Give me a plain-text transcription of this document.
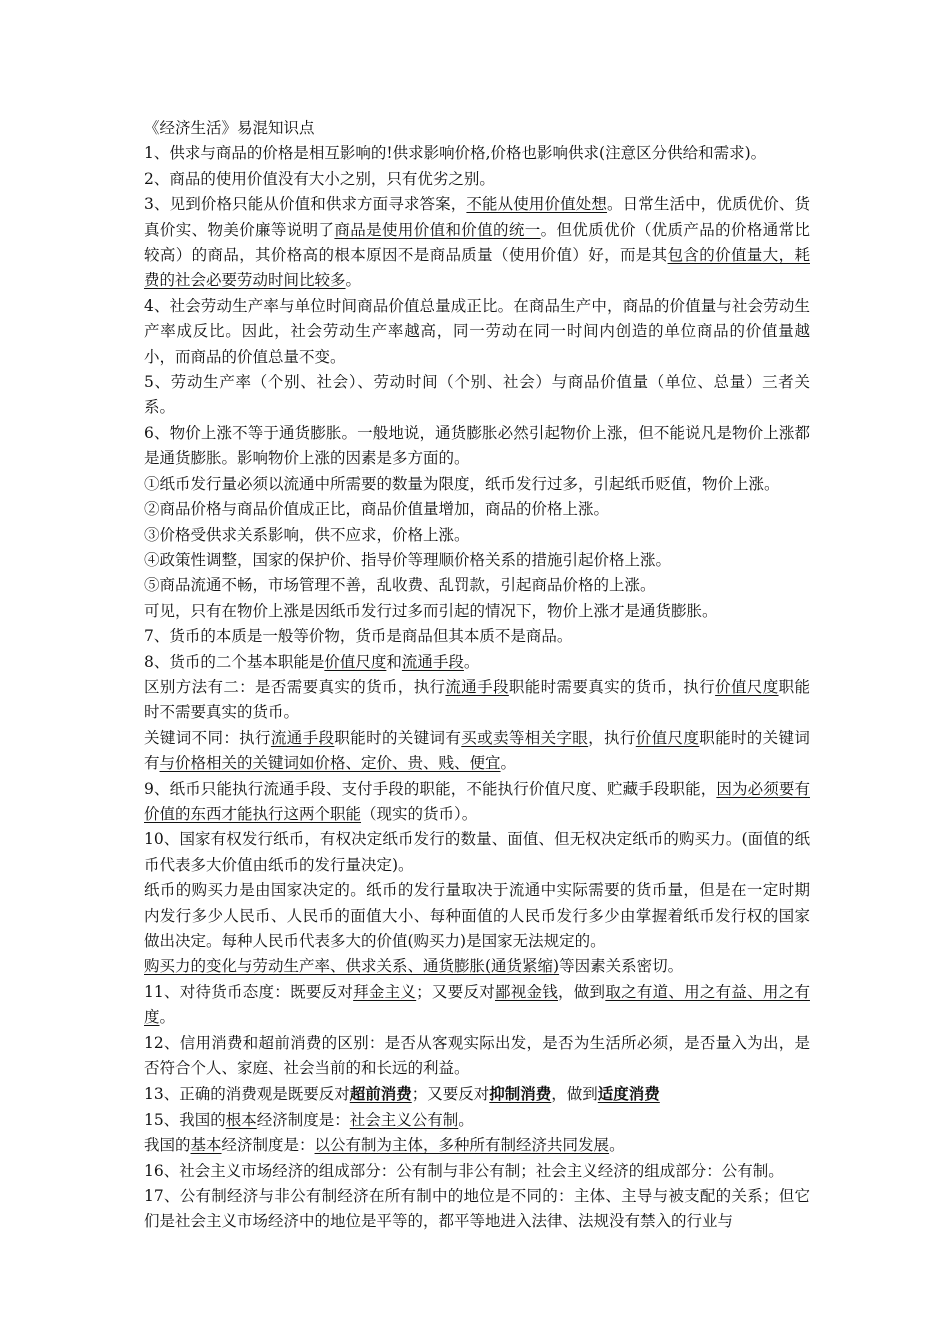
《经济生活》易混知识点

1、供求与商品的价格是相互影响的!供求影响价格,价格也影响供求(注意区分供给和需求)。

2、商品的使用价值没有大小之别，只有优劣之别。

3、见到价格只能从价值和供求方面寻求答案，不能从使用价值处想。日常生活中，优质优价、货真价实、物美价廉等说明了商品是使用价值和价值的统一。但优质优价（优质产品的价格通常比较高）的商品，其价格高的根本原因不是商品质量（使用价值）好，而是其包含的价值量大，耗费的社会必要劳动时间比较多。

4、社会劳动生产率与单位时间商品价值总量成正比。在商品生产中，商品的价值量与社会劳动生产率成反比。因此，社会劳动生产率越高，同一劳动在同一时间内创造的单位商品的价值量越小，而商品的价值总量不变。

5、劳动生产率（个别、社会）、劳动时间（个别、社会）与商品价值量（单位、总量）三者关系。

6、物价上涨不等于通货膨胀。一般地说，通货膨胀必然引起物价上涨，但不能说凡是物价上涨都是通货膨胀。影响物价上涨的因素是多方面的。

①纸币发行量必须以流通中所需要的数量为限度，纸币发行过多，引起纸币贬值，物价上涨。

②商品价格与商品价值成正比，商品价值量增加，商品的价格上涨。

③价格受供求关系影响，供不应求，价格上涨。

④政策性调整，国家的保护价、指导价等理顺价格关系的措施引起价格上涨。

⑤商品流通不畅，市场管理不善，乱收费、乱罚款，引起商品价格的上涨。

可见，只有在物价上涨是因纸币发行过多而引起的情况下，物价上涨才是通货膨胀。

7、货币的本质是一般等价物，货币是商品但其本质不是商品。

8、货币的二个基本职能是价值尺度和流通手段。

区别方法有二：是否需要真实的货币，执行流通手段职能时需要真实的货币，执行价值尺度职能时不需要真实的货币。

关键词不同：执行流通手段职能时的关键词有买或卖等相关字眼，执行价值尺度职能时的关键词有与价格相关的关键词如价格、定价、贵、贱、便宜。

9、纸币只能执行流通手段、支付手段的职能，不能执行价值尺度、贮藏手段职能，因为必须要有价值的东西才能执行这两个职能（现实的货币）。

10、国家有权发行纸币，有权决定纸币发行的数量、面值、但无权决定纸币的购买力。(面值的纸币代表多大价值由纸币的发行量决定)。

纸币的购买力是由国家决定的。纸币的发行量取决于流通中实际需要的货币量，但是在一定时期内发行多少人民币、人民币的面值大小、每种面值的人民币发行多少由掌握着纸币发行权的国家做出决定。每种人民币代表多大的价值(购买力)是国家无法规定的。

购买力的变化与劳动生产率、供求关系、通货膨胀(通货紧缩)等因素关系密切。

11、对待货币态度：既要反对拜金主义；又要反对鄙视金钱，做到取之有道、用之有益、用之有度。

12、信用消费和超前消费的区别：是否从客观实际出发，是否为生活所必须，是否量入为出，是否符合个人、家庭、社会当前的和长远的利益。

13、正确的消费观是既要反对超前消费；又要反对抑制消费，做到适度消费

15、我国的根本经济制度是：社会主义公有制。

我国的基本经济制度是：以公有制为主体，多种所有制经济共同发展。

16、社会主义市场经济的组成部分：公有制与非公有制；社会主义经济的组成部分：公有制。

17、公有制经济与非公有制经济在所有制中的地位是不同的：主体、主导与被支配的关系；但它们是社会主义市场经济中的地位是平等的，都平等地进入法律、法规没有禁入的行业与
